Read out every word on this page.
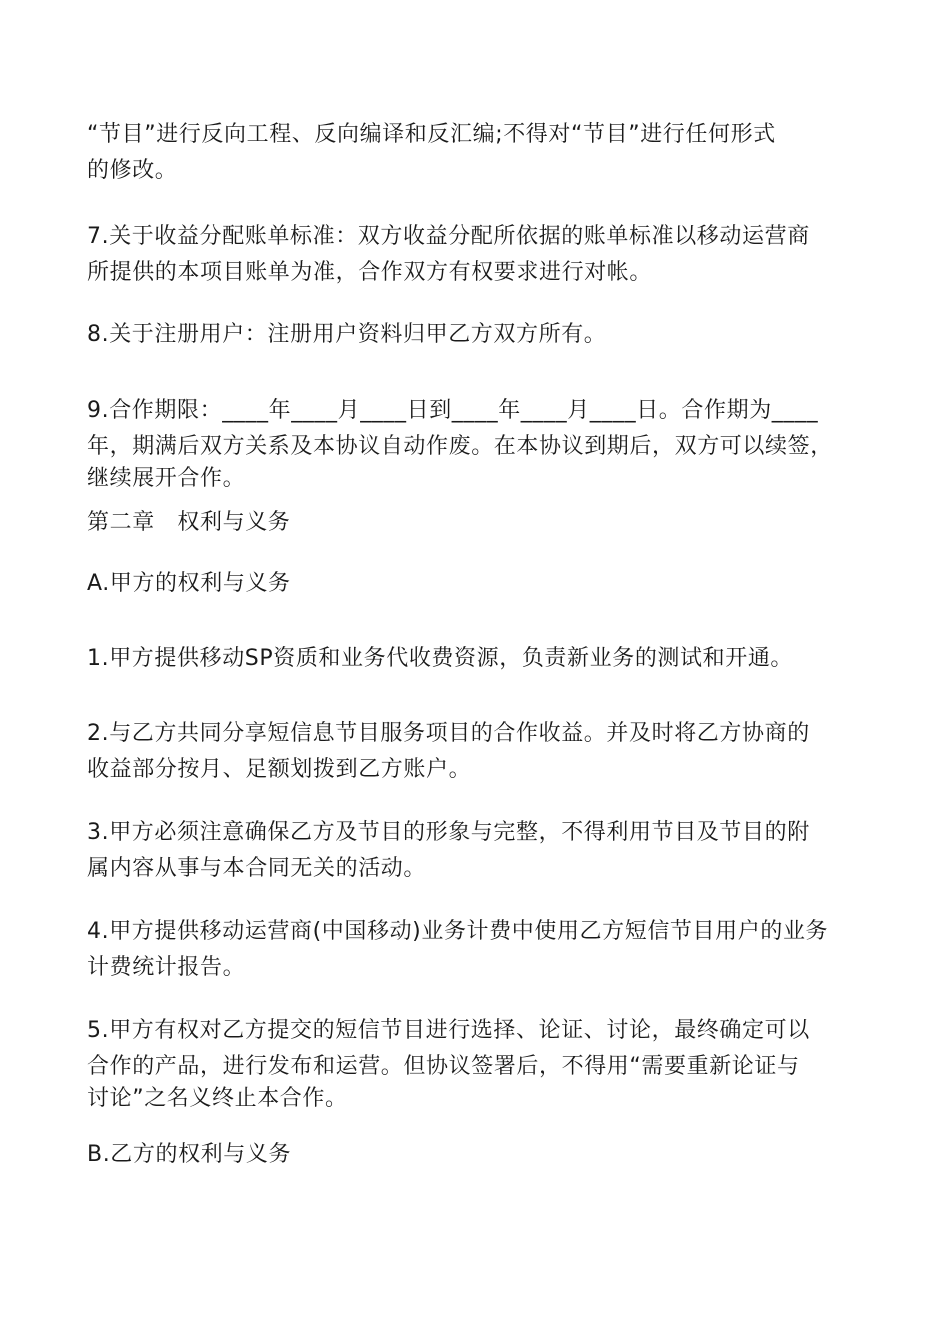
“节目”进行反向工程、反向编译和反汇编;不得对“节目”进行任何形式
的修改。

7.关于收益分配账单标准：双方收益分配所依据的账单标准以移动运营商
所提供的本项目账单为准，合作双方有权要求进行对帐。

8.关于注册用户：注册用户资料归甲乙方双方所有。

9.合作期限：____年____月____日到____年____月____日。合作期为____
年，期满后双方关系及本协议自动作废。在本协议到期后，双方可以续签，
继续展开合作。

第二章　权利与义务

A.甲方的权利与义务

1.甲方提供移动SP资质和业务代收费资源，负责新业务的测试和开通。

2.与乙方共同分享短信息节目服务项目的合作收益。并及时将乙方协商的
收益部分按月、足额划拨到乙方账户。

3.甲方必须注意确保乙方及节目的形象与完整，不得利用节目及节目的附
属内容从事与本合同无关的活动。

4.甲方提供移动运营商(中国移动)业务计费中使用乙方短信节目用户的业务
计费统计报告。

5.甲方有权对乙方提交的短信节目进行选择、论证、讨论，最终确定可以
合作的产品，进行发布和运营。但协议签署后，不得用“需要重新论证与
讨论”之名义终止本合作。

B.乙方的权利与义务
